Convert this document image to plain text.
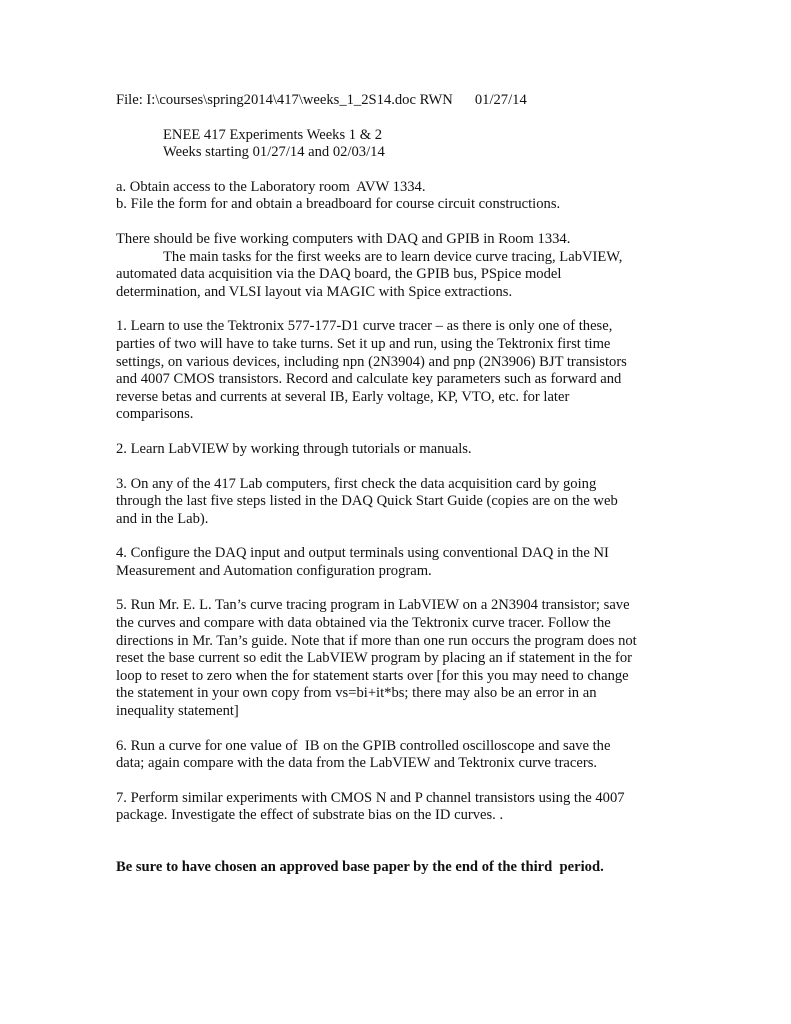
File: I:\courses\spring2014\417\weeks_1_2S14.doc RWN 01/27/14
ENEE 417 Experiments Weeks 1 & 2
Weeks starting 01/27/14 and 02/03/14
a. Obtain access to the Laboratory room  AVW 1334.
b. File the form for and obtain a breadboard for course circuit constructions.
There should be five working computers with DAQ and GPIB in Room 1334.
The main tasks for the first weeks are to learn device curve tracing, LabVIEW,
automated data acquisition via the DAQ board, the GPIB bus, PSpice model
determination, and VLSI layout via MAGIC with Spice extractions.
1. Learn to use the Tektronix 577-177-D1 curve tracer – as there is only one of these,
parties of two will have to take turns. Set it up and run, using the Tektronix first time
settings, on various devices, including npn (2N3904) and pnp (2N3906) BJT transistors
and 4007 CMOS transistors. Record and calculate key parameters such as forward and
reverse betas and currents at several IB, Early voltage, KP, VTO, etc. for later
comparisons.
2. Learn LabVIEW by working through tutorials or manuals.
3. On any of the 417 Lab computers, first check the data acquisition card by going
through the last five steps listed in the DAQ Quick Start Guide (copies are on the web
and in the Lab).
4. Configure the DAQ input and output terminals using conventional DAQ in the NI
Measurement and Automation configuration program.
5. Run Mr. E. L. Tan’s curve tracing program in LabVIEW on a 2N3904 transistor; save
the curves and compare with data obtained via the Tektronix curve tracer. Follow the
directions in Mr. Tan’s guide. Note that if more than one run occurs the program does not
reset the base current so edit the LabVIEW program by placing an if statement in the for
loop to reset to zero when the for statement starts over [for this you may need to change
the statement in your own copy from vs=bi+it*bs; there may also be an error in an
inequality statement]
6. Run a curve for one value of  IB on the GPIB controlled oscilloscope and save the
data; again compare with the data from the LabVIEW and Tektronix curve tracers.
7. Perform similar experiments with CMOS N and P channel transistors using the 4007
package. Investigate the effect of substrate bias on the ID curves. .
Be sure to have chosen an approved base paper by the end of the third  period.
